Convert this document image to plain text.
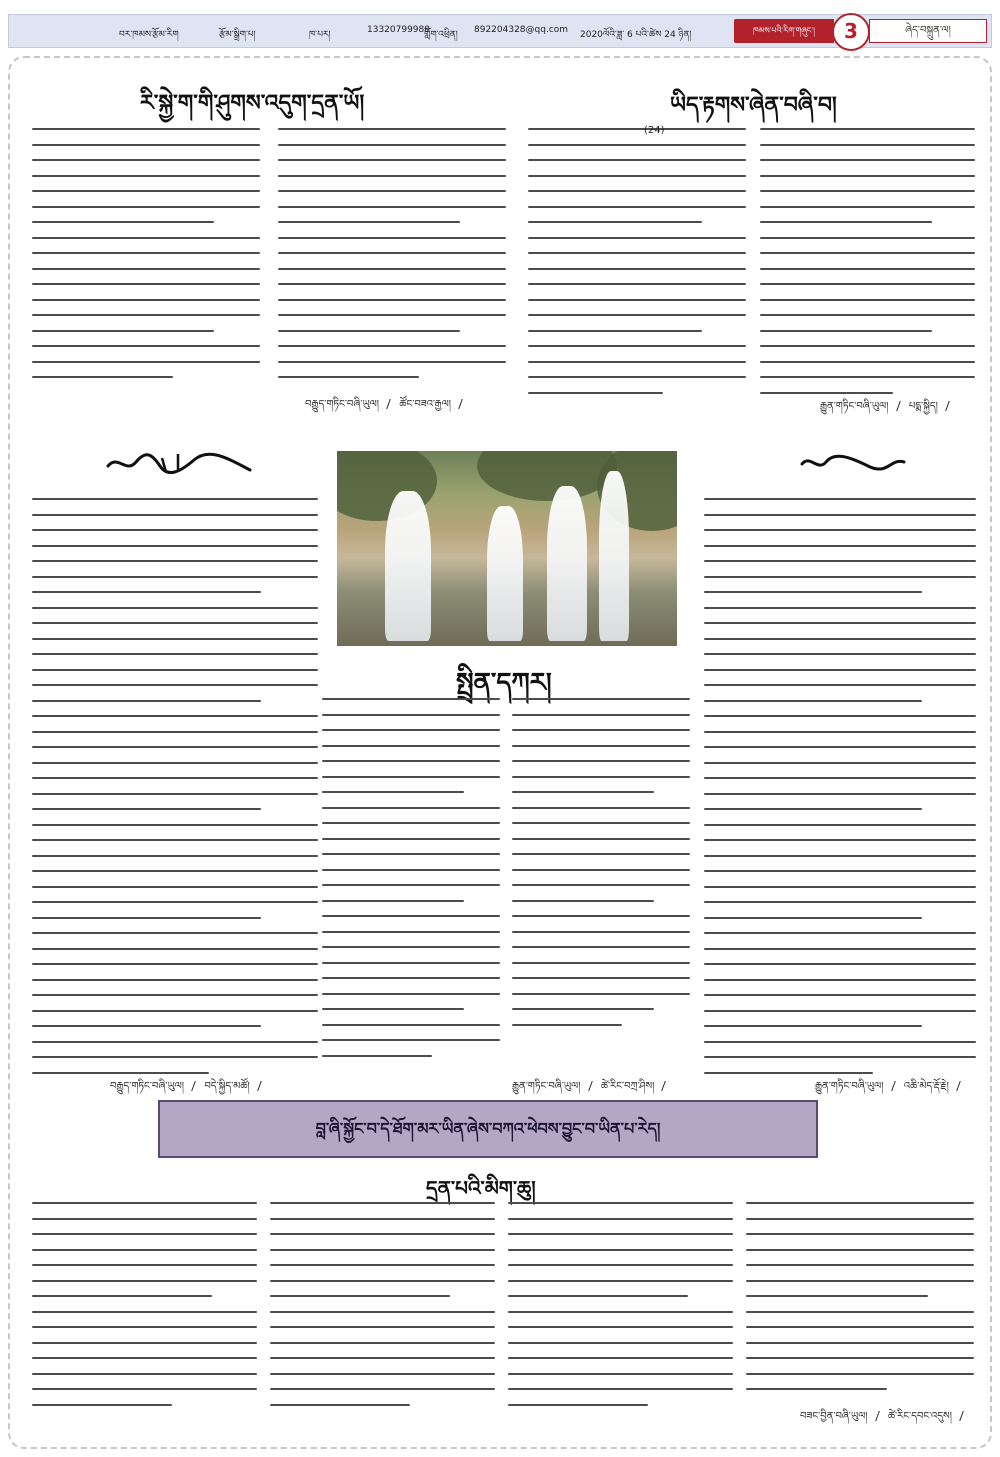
བར་ཁམས་རྩོམ་རིག	རྩོམ་སྒྲིག་པ།	ཁ་པར།	13320799988
གློག་འཕྲིན། 892204328@qq.com 2020ལོའི་ཟླ་ 6 པའི་ཚེས 24 ཉིན།	ཁམས་པའི་རིག་གཞུང་།	3	ཞེད་བསྐྲུན་ལ།
རི་སྐྱེ་ག་གི་ཤུགས་འདུག་དྲན་ཡོ།
བརྒྱུད་གཏིང་བཞི་ཡུལ། ཚོང་བཟའ་རྒྱལ།
ཡིད་རྟགས་ཞེན་བཞི་བ།
(24)
རྒྱུན་གཏིང་བཞི་ཡུལ། པདྨ་སྐྱིད།
བརྒྱུད་གཏིང་བཞི་ཡུལ། བདེ་སྐྱིད་མཚོ།
སྤྲིན་དཀར།
རྒྱུན་གཏིང་བཞི་ཡུལ། ཚེ་རིང་བཀྲ་ཤིས།	རྒྱུན་གཏིང་བཞི་ཡུལ། འཆི་མེད་རྡོ་རྗེ།
བླ་ཞི་སྐྱོང་བ་དེ་ཐོག་མར་ཡིན་ཞེས་བཀའ་ཕེབས་བྱུང་བ་ཡིན་པ་རེད།
དྲན་པའི་མིག་ཆུ།
བཟང་བྱིན་བཞི་ཡུལ། ཚེ་རིང་དབང་འདུས།
